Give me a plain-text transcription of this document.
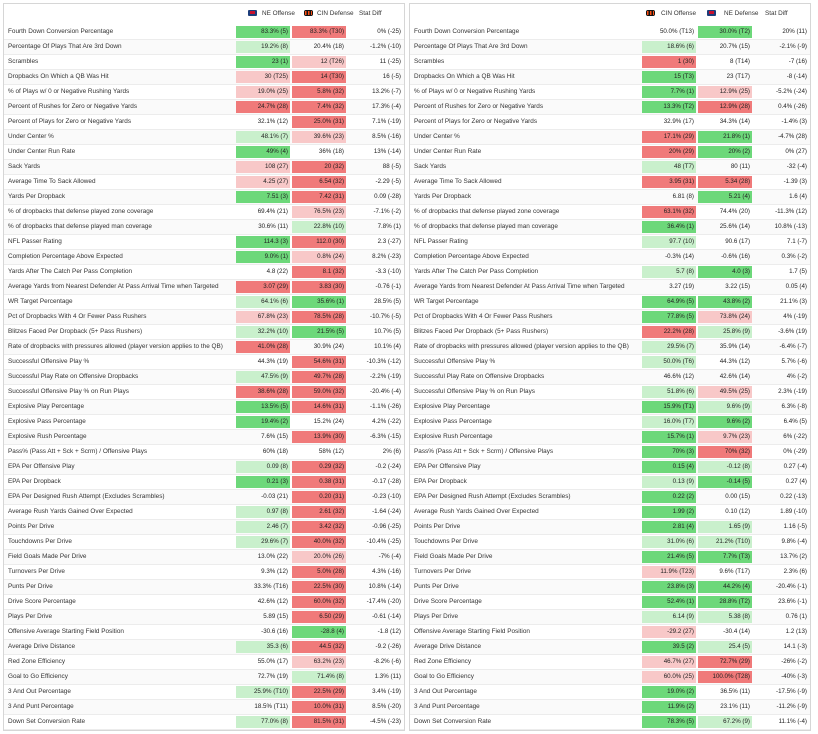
NE Offense	CIN Defense Stat Diff
Fourth Down Conversion Percentage	83.3% (5)	83.3% (T30)	0% (-25)
Percentage Of Plays That Are 3rd Down	19.2% (8)	20.4% (18)	-1.2% (-10)
Scrambles	23 (1)	12 (T26)	11 (-25)
Dropbacks On Which a QB Was Hit	30 (T25)	14 (T30)	16 (-5)
% of Plays w/ 0 or Negative Rushing Yards	19.0% (25)	5.8% (32)	13.2% (-7)
Percent of Rushes for Zero or Negative Yards	24.7% (28)	7.4% (32)	17.3% (-4)
Percent of Plays for Zero or Negative Yards	32.1% (12)	25.0% (31)	7.1% (-19)
Under Center %	48.1% (7)	39.6% (23)	8.5% (-16)
Under Center Run Rate	49% (4)	36% (18)	13% (-14)
Sack Yards	108 (27)	20 (32)	88 (-5)
Average Time To Sack Allowed	4.25 (27)	6.54 (32)	-2.29 (-5)
Yards Per Dropback	7.51 (3)	7.42 (31)	0.09 (-28)
% of dropbacks that defense played zone coverage	69.4% (21)	76.5% (23)	-7.1% (-2)
% of dropbacks that defense played man coverage	30.6% (11)	22.8% (10)	7.8% (1)
NFL Passer Rating	114.3 (3)	112.0 (30)	2.3 (-27)
Completion Percentage Above Expected	9.0% (1)	0.8% (24)	8.2% (-23)
Yards After The Catch Per Pass Completion	4.8 (22)	8.1 (32)	-3.3 (-10)
Average Yards from Nearest Defender At Pass Arrival Time when Targeted	3.07 (29)	3.83 (30)	-0.76 (-1)
WR Target Percentage	64.1% (6)	35.6% (1)	28.5% (5)
Pct of Dropbacks With 4 Or Fewer Pass Rushers	67.8% (23)	78.5% (28)	-10.7% (-5)
Blitzes Faced Per Dropback (5+ Pass Rushers)	32.2% (10)	21.5% (5)	10.7% (5)
Rate of dropbacks with pressures allowed (player version applies to the QB)	41.0% (28)	30.9% (24)	10.1% (4)
Successful Offensive Play %	44.3% (19)	54.6% (31)	-10.3% (-12)
Successful Play Rate on Offensive Dropbacks	47.5% (9)	49.7% (28)	-2.2% (-19)
Successful Offensive Play % on Run Plays	38.6% (28)	59.0% (32)	-20.4% (-4)
Explosive Play Percentage	13.5% (5)	14.6% (31)	-1.1% (-26)
Explosive Pass Percentage	19.4% (2)	15.2% (24)	4.2% (-22)
Explosive Rush Percentage	7.6% (15)	13.9% (30)	-6.3% (-15)
Pass% (Pass Att + Sck + Scrm) / Offensive Plays	60% (18)	58% (12)	2% (6)
EPA Per Offensive Play	0.09 (8)	0.29 (32)	-0.2 (-24)
EPA Per Dropback	0.21 (3)	0.38 (31)	-0.17 (-28)
EPA Per Designed Rush Attempt (Excludes Scrambles)	-0.03 (21)	0.20 (31)	-0.23 (-10)
Average Rush Yards Gained Over Expected	0.97 (8)	2.61 (32)	-1.64 (-24)
Points Per Drive	2.46 (7)	3.42 (32)	-0.96 (-25)
Touchdowns Per Drive	29.6% (7)	40.0% (32)	-10.4% (-25)
Field Goals Made Per Drive	13.0% (22)	20.0% (26)	-7% (-4)
Turnovers Per Drive	9.3% (12)	5.0% (28)	4.3% (-16)
Punts Per Drive	33.3% (T16)	22.5% (30)	10.8% (-14)
Drive Score Percentage	42.6% (12)	60.0% (32)	-17.4% (-20)
Plays Per Drive	5.89 (15)	6.50 (29)	-0.61 (-14)
Offensive Average Starting Field Position	-30.6 (16)	-28.8 (4)	-1.8 (12)
Average Drive Distance	35.3 (6)	44.5 (32)	-9.2 (-26)
Red Zone Efficiency	55.0% (17)	63.2% (23)	-8.2% (-6)
Goal to Go Efficiency	72.7% (19)	71.4% (8)	1.3% (11)
3 And Out Percentage	25.9% (T10)	22.5% (29)	3.4% (-19)
3 And Punt Percentage	18.5% (T11)	10.0% (31)	8.5% (-20)
Down Set Conversion Rate	77.0% (8)	81.5% (31)	-4.5% (-23)
CIN Offense	NE Defense Stat Diff
Fourth Down Conversion Percentage	50.0% (T13)	30.0% (T2)	20% (11)
Percentage Of Plays That Are 3rd Down	18.6% (6)	20.7% (15)	-2.1% (-9)
Scrambles	1 (30)	8 (T14)	-7 (16)
Dropbacks On Which a QB Was Hit	15 (T3)	23 (T17)	-8 (-14)
% of Plays w/ 0 or Negative Rushing Yards	7.7% (1)	12.9% (25)	-5.2% (-24)
Percent of Rushes for Zero or Negative Yards	13.3% (T2)	12.9% (28)	0.4% (-26)
Percent of Plays for Zero or Negative Yards	32.9% (17)	34.3% (14)	-1.4% (3)
Under Center %	17.1% (29)	21.8% (1)	-4.7% (28)
Under Center Run Rate	20% (29)	20% (2)	0% (27)
Sack Yards	48 (T7)	80 (11)	-32 (-4)
Average Time To Sack Allowed	3.95 (31)	5.34 (28)	-1.39 (3)
Yards Per Dropback	6.81 (8)	5.21 (4)	1.6 (4)
% of dropbacks that defense played zone coverage	63.1% (32)	74.4% (20)	-11.3% (12)
% of dropbacks that defense played man coverage	36.4% (1)	25.6% (14)	10.8% (-13)
NFL Passer Rating	97.7 (10)	90.6 (17)	7.1 (-7)
Completion Percentage Above Expected	-0.3% (14)	-0.6% (16)	0.3% (-2)
Yards After The Catch Per Pass Completion	5.7 (8)	4.0 (3)	1.7 (5)
Average Yards from Nearest Defender At Pass Arrival Time when Targeted	3.27 (19)	3.22 (15)	0.05 (4)
WR Target Percentage	64.9% (5)	43.8% (2)	21.1% (3)
Pct of Dropbacks With 4 Or Fewer Pass Rushers	77.8% (5)	73.8% (24)	4% (-19)
Blitzes Faced Per Dropback (5+ Pass Rushers)	22.2% (28)	25.8% (9)	-3.6% (19)
Rate of dropbacks with pressures allowed (player version applies to the QB)	29.5% (7)	35.9% (14)	-6.4% (-7)
Successful Offensive Play %	50.0% (T6)	44.3% (12)	5.7% (-6)
Successful Play Rate on Offensive Dropbacks	46.6% (12)	42.6% (14)	4% (-2)
Successful Offensive Play % on Run Plays	51.8% (6)	49.5% (25)	2.3% (-19)
Explosive Play Percentage	15.9% (T1)	9.6% (9)	6.3% (-8)
Explosive Pass Percentage	16.0% (T7)	9.6% (2)	6.4% (5)
Explosive Rush Percentage	15.7% (1)	9.7% (23)	6% (-22)
Pass% (Pass Att + Sck + Scrm) / Offensive Plays	70% (3)	70% (32)	0% (-29)
EPA Per Offensive Play	0.15 (4)	-0.12 (8)	0.27 (-4)
EPA Per Dropback	0.13 (9)	-0.14 (5)	0.27 (4)
EPA Per Designed Rush Attempt (Excludes Scrambles)	0.22 (2)	0.00 (15)	0.22 (-13)
Average Rush Yards Gained Over Expected	1.99 (2)	0.10 (12)	1.89 (-10)
Points Per Drive	2.81 (4)	1.65 (9)	1.16 (-5)
Touchdowns Per Drive	31.0% (6)	21.2% (T10)	9.8% (-4)
Field Goals Made Per Drive	21.4% (5)	7.7% (T3)	13.7% (2)
Turnovers Per Drive	11.9% (T23)	9.6% (T17)	2.3% (6)
Punts Per Drive	23.8% (3)	44.2% (4)	-20.4% (-1)
Drive Score Percentage	52.4% (1)	28.8% (T2)	23.6% (-1)
Plays Per Drive	6.14 (9)	5.38 (8)	0.76 (1)
Offensive Average Starting Field Position	-29.2 (27)	-30.4 (14)	1.2 (13)
Average Drive Distance	39.5 (2)	25.4 (5)	14.1 (-3)
Red Zone Efficiency	46.7% (27)	72.7% (29)	-26% (-2)
Goal to Go Efficiency	60.0% (25)	100.0% (T28)	-40% (-3)
3 And Out Percentage	19.0% (2)	36.5% (11)	-17.5% (-9)
3 And Punt Percentage	11.9% (2)	23.1% (11)	-11.2% (-9)
Down Set Conversion Rate	78.3% (5)	67.2% (9)	11.1% (-4)
